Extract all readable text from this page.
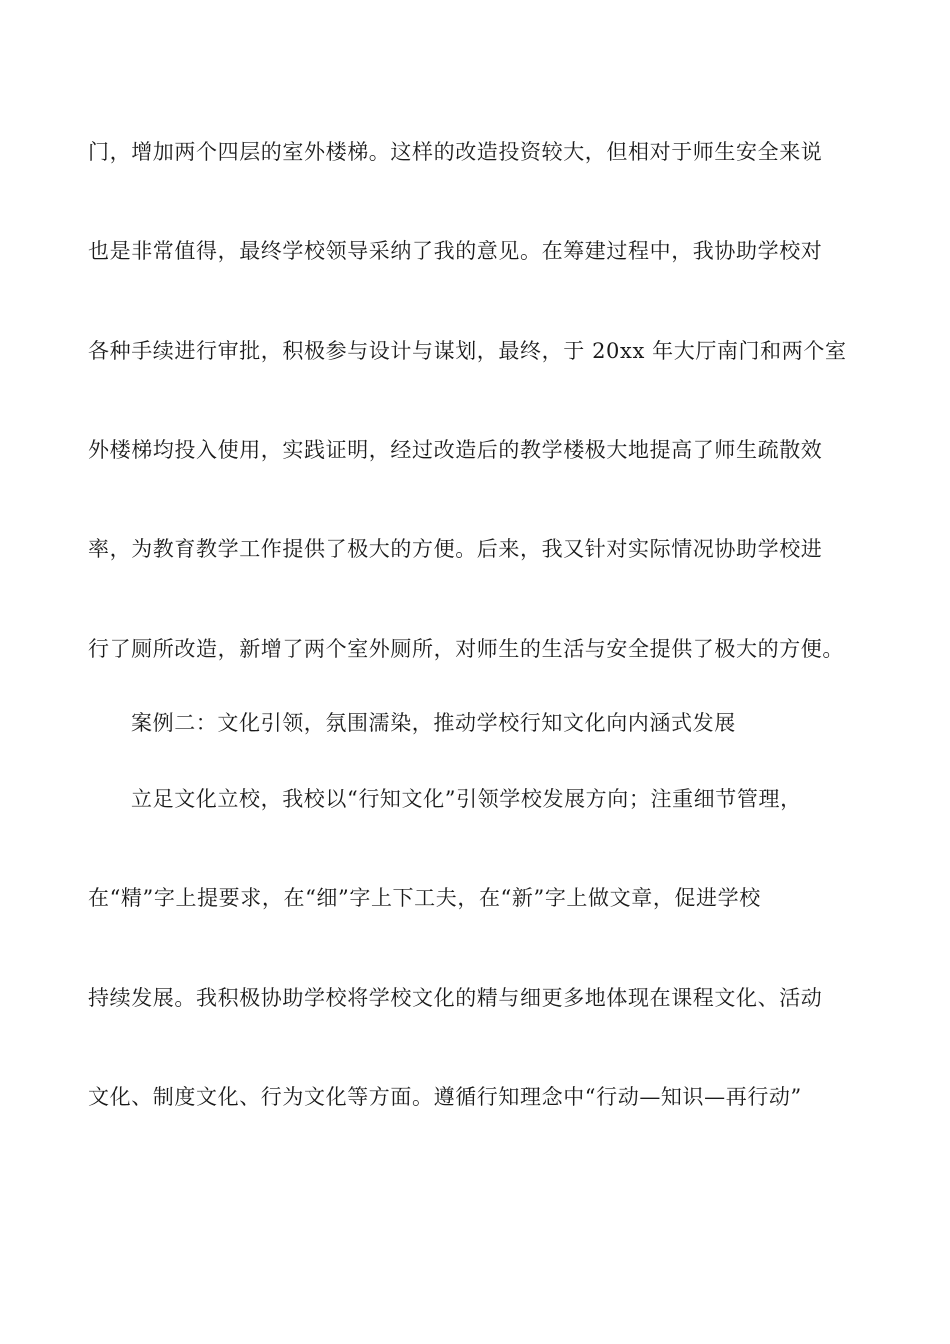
门，增加两个四层的室外楼梯。这样的改造投资较大，但相对于师生安全来说
也是非常值得，最终学校领导采纳了我的意见。在筹建过程中，我协助学校对
各种手续进行审批，积极参与设计与谋划，最终，于 20xx 年大厅南门和两个室
外楼梯均投入使用，实践证明，经过改造后的教学楼极大地提高了师生疏散效
率，为教育教学工作提供了极大的方便。后来，我又针对实际情况协助学校进
行了厕所改造，新增了两个室外厕所，对师生的生活与安全提供了极大的方便。
案例二：文化引领，氛围濡染，推动学校行知文化向内涵式发展
立足文化立校，我校以“行知文化”引领学校发展方向；注重细节管理，
在“精”字上提要求，在“细”字上下工夫，在“新”字上做文章，促进学校
持续发展。我积极协助学校将学校文化的精与细更多地体现在课程文化、活动
文化、制度文化、行为文化等方面。遵循行知理念中“行动—知识—再行动”
